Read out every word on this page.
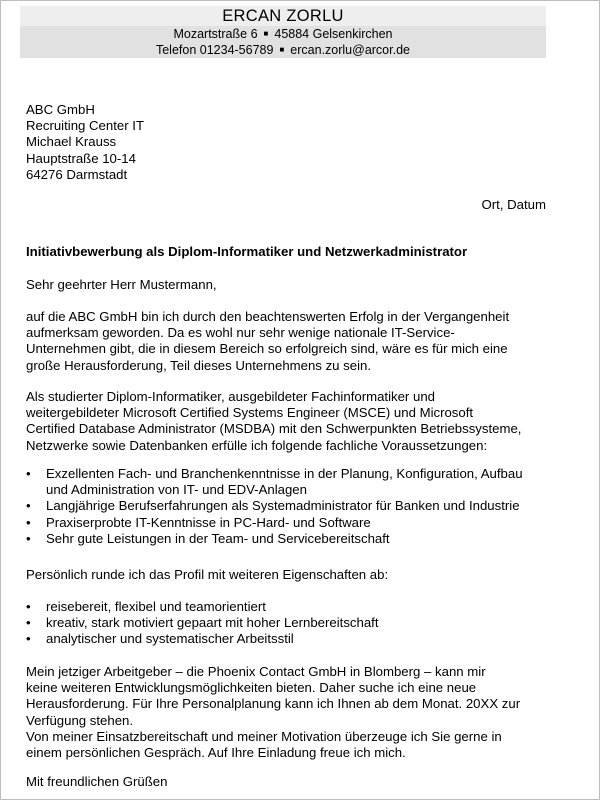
ERCAN ZORLU
Mozartstraße 6 ■ 45884 Gelsenkirchen
Telefon 01234-56789 ■ ercan.zorlu@arcor.de
ABC GmbH
Recruiting Center IT
Michael Krauss
Hauptstraße 10-14
64276 Darmstadt
Ort, Datum
Initiativbewerbung als Diplom-Informatiker und Netzwerkadministrator
Sehr geehrter Herr Mustermann,

auf die ABC GmbH bin ich durch den beachtenswerten Erfolg in der Vergangenheit

aufmerksam geworden. Da es wohl nur sehr wenige nationale IT-Service-

Unternehmen gibt, die in diesem Bereich so erfolgreich sind, wäre es für mich eine

große Herausforderung, Teil dieses Unternehmens zu sein.

Als studierter Diplom-Informatiker, ausgebildeter Fachinformatiker und

weitergebildeter Microsoft Certified Systems Engineer (MSCE) und Microsoft

Certified Database Administrator (MSDBA) mit den Schwerpunkten Betriebssysteme,

Netzwerke sowie Datenbanken erfülle ich folgende fachliche Voraussetzungen:

• Exzellenten Fach- und Branchenkenntnisse in der Planung, Konfiguration, Aufbau
und Administration von IT- und EDV-Anlagen
• Langjährige Berufserfahrungen als Systemadministrator für Banken und Industrie
• Praxiserprobte IT-Kenntnisse in PC-Hard- und Software
• Sehr gute Leistungen in der Team- und Servicebereitschaft
Persönlich runde ich das Profil mit weiteren Eigenschaften ab:
• reisebereit, flexibel und teamorientiert
• kreativ, stark motiviert gepaart mit hoher Lernbereitschaft
• analytischer und systematischer Arbeitsstil

Mein jetziger Arbeitgeber – die Phoenix Contact GmbH in Blomberg – kann mir

keine weiteren Entwicklungsmöglichkeiten bieten. Daher suche ich eine neue

Herausforderung. Für Ihre Personalplanung kann ich Ihnen ab dem Monat. 20XX zur

Verfügung stehen.

Von meiner Einsatzbereitschaft und meiner Motivation überzeuge ich Sie gerne in

einem persönlichen Gespräch. Auf Ihre Einladung freue ich mich.

Mit freundlichen Grüßen
